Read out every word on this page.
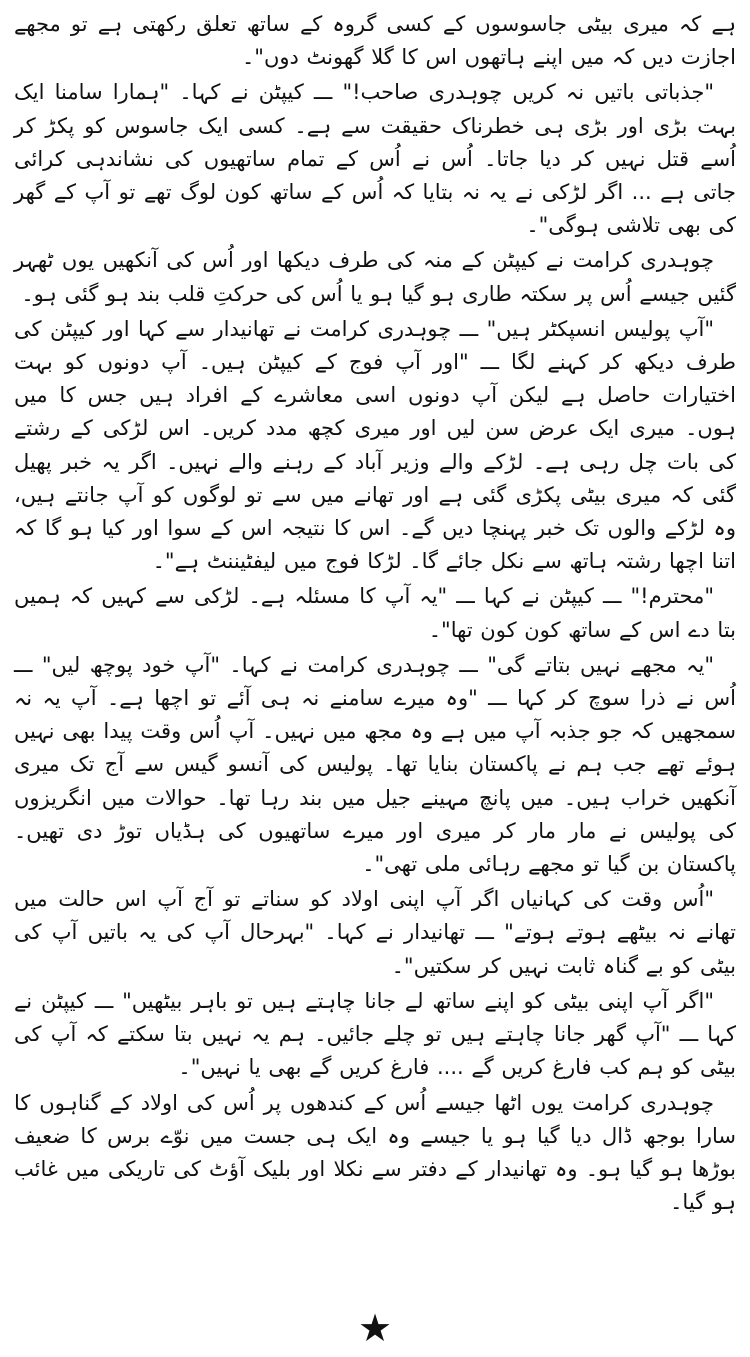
ہے کہ میری بیٹی جاسوسوں کے کسی گروہ کے ساتھ تعلق رکھتی ہے تو مجھے اجازت دیں کہ میں اپنے ہاتھوں اس کا گلا گھونٹ دوں"۔

"جذباتی باتیں نہ کریں چوہدری صاحب!" ـــ کیپٹن نے کہا۔ "ہمارا سامنا ایک بہت بڑی اور بڑی ہی خطرناک حقیقت سے ہے۔ کسی ایک جاسوس کو پکڑ کر اُسے قتل نہیں کر دیا جاتا۔ اُس نے اُس کے تمام ساتھیوں کی نشاندہی کرائی جاتی ہے ... اگر لڑکی نے یہ نہ بتایا کہ اُس کے ساتھ کون لوگ تھے تو آپ کے گھر کی بھی تلاشی ہوگی"۔

چوہدری کرامت نے کیپٹن کے منہ کی طرف دیکھا اور اُس کی آنکھیں یوں ٹھہر گئیں جیسے اُس پر سکتہ طاری ہو گیا ہو یا اُس کی حرکتِ قلب بند ہو گئی ہو۔

"آپ پولیس انسپکٹر ہیں" ـــ چوہدری کرامت نے تھانیدار سے کہا اور کیپٹن کی طرف دیکھ کر کہنے لگا ـــ "اور آپ فوج کے کیپٹن ہیں۔ آپ دونوں کو بہت اختیارات حاصل ہے لیکن آپ دونوں اسی معاشرے کے افراد ہیں جس کا میں ہوں۔ میری ایک عرض سن لیں اور میری کچھ مدد کریں۔ اس لڑکی کے رشتے کی بات چل رہی ہے۔ لڑکے والے وزیر آباد کے رہنے والے نہیں۔ اگر یہ خبر پھیل گئی کہ میری بیٹی پکڑی گئی ہے اور تھانے میں سے تو لوگوں کو آپ جانتے ہیں، وہ لڑکے والوں تک خبر پہنچا دیں گے۔ اس کا نتیجہ اس کے سوا اور کیا ہو گا کہ اتنا اچھا رشتہ ہاتھ سے نکل جائے گا۔ لڑکا فوج میں لیفٹیننٹ ہے"۔

"محترم!" ـــ کیپٹن نے کہا ـــ "یہ آپ کا مسئلہ ہے۔ لڑکی سے کہیں کہ ہمیں بتا دے اس کے ساتھ کون کون تھا"۔

"یہ مجھے نہیں بتاتے گی" ـــ چوہدری کرامت نے کہا۔ "آپ خود پوچھ لیں" ـــ اُس نے ذرا سوچ کر کہا ـــ "وہ میرے سامنے نہ ہی آئے تو اچھا ہے۔ آپ یہ نہ سمجھیں کہ جو جذبہ آپ میں ہے وہ مجھ میں نہیں۔ آپ اُس وقت پیدا بھی نہیں ہوئے تھے جب ہم نے پاکستان بنایا تھا۔ پولیس کی آنسو گیس سے آج تک میری آنکھیں خراب ہیں۔ میں پانچ مہینے جیل میں بند رہا تھا۔ حوالات میں انگریزوں کی پولیس نے مار مار کر میری اور میرے ساتھیوں کی ہڈیاں توڑ دی تھیں۔ پاکستان بن گیا تو مجھے رہائی ملی تھی"۔

"اُس وقت کی کہانیاں اگر آپ اپنی اولاد کو سناتے تو آج آپ اس حالت میں تھانے نہ بیٹھے ہوتے ہوتے" ـــ تھانیدار نے کہا۔ "بہرحال آپ کی یہ باتیں آپ کی بیٹی کو بے گناہ ثابت نہیں کر سکتیں"۔

"اگر آپ اپنی بیٹی کو اپنے ساتھ لے جانا چاہتے ہیں تو باہر بیٹھیں" ـــ کیپٹن نے کہا ـــ "آپ گھر جانا چاہتے ہیں تو چلے جائیں۔ ہم یہ نہیں بتا سکتے کہ آپ کی بیٹی کو ہم کب فارغ کریں گے .... فارغ کریں گے بھی یا نہیں"۔

چوہدری کرامت یوں اٹھا جیسے اُس کے کندھوں پر اُس کی اولاد کے گناہوں کا سارا بوجھ ڈال دیا گیا ہو یا جیسے وہ ایک ہی جست میں نوّے برس کا ضعیف بوڑھا ہو گیا ہو۔ وہ تھانیدار کے دفتر سے نکلا اور بلیک آؤٹ کی تاریکی میں غائب ہو گیا۔

★
